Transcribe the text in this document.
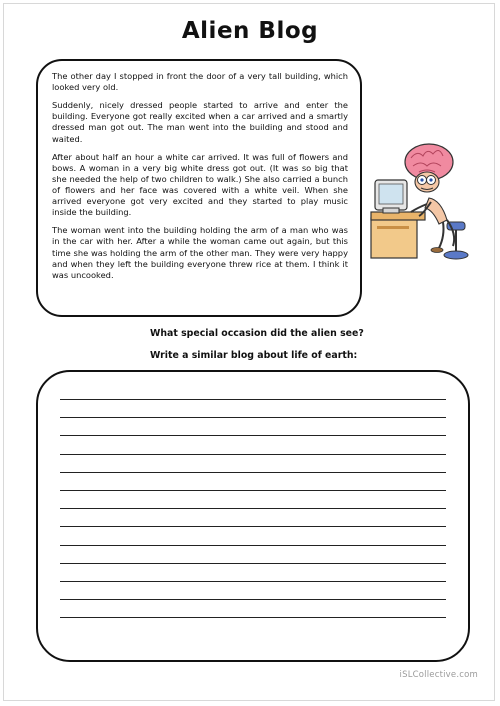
Alien Blog

The other day I stopped in front the door of a very tall building, which looked very old.

Suddenly, nicely dressed people started to arrive and enter the building. Everyone got really excited when a car arrived and a smartly dressed man got out. The man went into the building and stood and waited.

After about half an hour a white car arrived. It was full of flowers and bows. A woman in a very big white dress got out. (It was so big that she needed the help of two children to walk.) She also carried a bunch of flowers and her face was covered with a white veil. When she arrived everyone got very excited and they started to play music inside the building.

The woman went into the building holding the arm of a man who was in the car with her. After a while the woman came out again, but this time she was holding the arm of the other man. They were very happy and when they left the building everyone threw rice at them. I think it was uncooked.

What special occasion did the alien see?
Write a similar blog about life of earth:
iSLCollective.com
